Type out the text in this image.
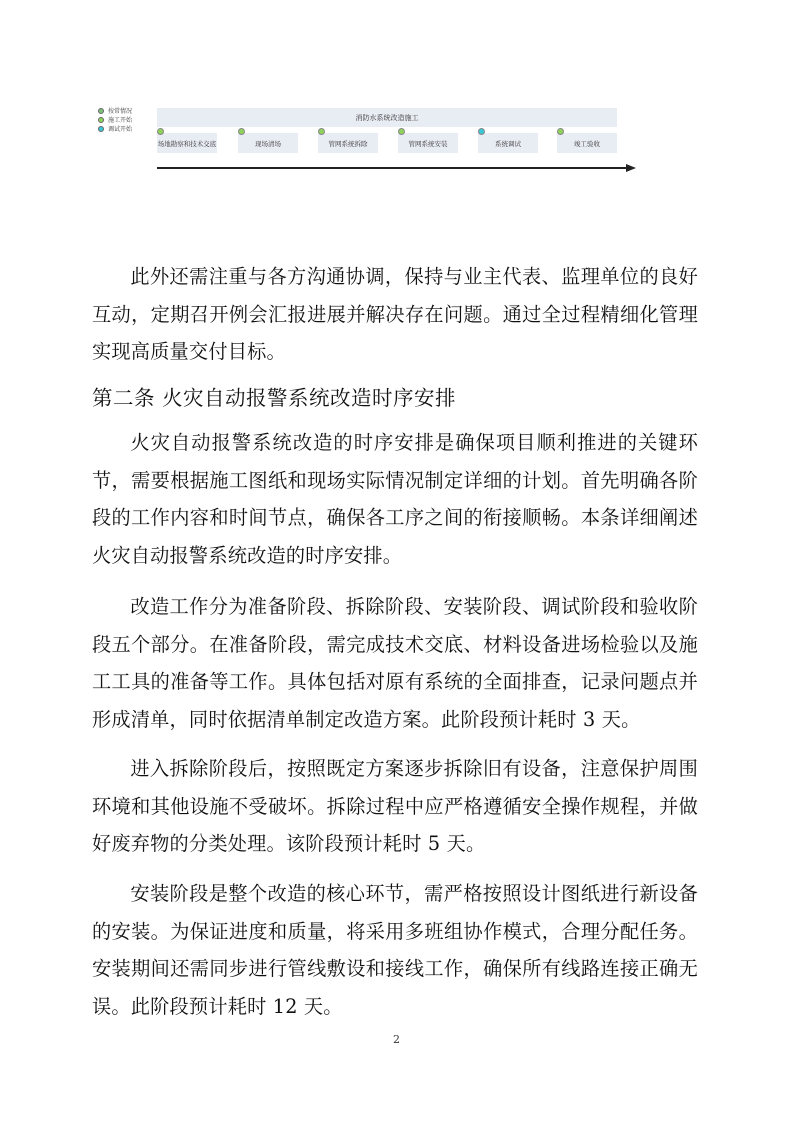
按常情况
施工开始
调试开始
消防水系统改造施工
场地勘察和技术交底	现场清场	管网系统拆除	管网系统安装	系统调试	竣工验收

此外还需注重与各方沟通协调，保持与业主代表、监理单位的良好互动，定期召开例会汇报进展并解决存在问题。通过全过程精细化管理实现高质量交付目标。

第二条 火灾自动报警系统改造时序安排

火灾自动报警系统改造的时序安排是确保项目顺利推进的关键环节，需要根据施工图纸和现场实际情况制定详细的计划。首先明确各阶段的工作内容和时间节点，确保各工序之间的衔接顺畅。本条详细阐述火灾自动报警系统改造的时序安排。

改造工作分为准备阶段、拆除阶段、安装阶段、调试阶段和验收阶段五个部分。在准备阶段，需完成技术交底、材料设备进场检验以及施工工具的准备等工作。具体包括对原有系统的全面排查，记录问题点并形成清单，同时依据清单制定改造方案。此阶段预计耗时 3 天。

进入拆除阶段后，按照既定方案逐步拆除旧有设备，注意保护周围环境和其他设施不受破坏。拆除过程中应严格遵循安全操作规程，并做好废弃物的分类处理。该阶段预计耗时 5 天。

安装阶段是整个改造的核心环节，需严格按照设计图纸进行新设备的安装。为保证进度和质量，将采用多班组协作模式，合理分配任务。安装期间还需同步进行管线敷设和接线工作，确保所有线路连接正确无误。此阶段预计耗时 12 天。

2
